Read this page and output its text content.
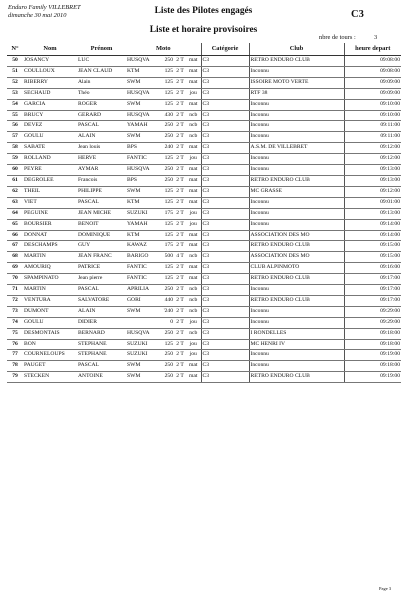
Enduro Family VILLEBRET
dimanche 30 mai 2010	Liste des Pilotes engagés
Liste et horaire provisoires
C3
nbre de tours :	3
N°	Nom	Prénom	Moto				Catégorie	Club	heure depart
50	JOSANCY	LUC	HUSQVA	250	2 T	mat	C3	RETRO ENDURO CLUB	09:08:00
51	COULLOUX	JEAN CLAUD	KTM	125	2 T	mat	C3	Inconnu	09:08:00
52	RIBERRY	Alain	SWM	125	2 T	mat	C3	ISSOIRE MOTO VERTE	09:09:00
53	SECHAUD	Théo	HUSQVA	125	2 T	jou	C3	RTF 38	09:09:00
54	GARCIA	ROGER	SWM	125	2 T	mat	C3	Inconnu	09:10:00
55	BRUCY	GERARD	HUSQVA	430	2 T	ncb	C3	Inconnu	09:10:00
56	DEVEZ	PASCAL	YAMAH	250	2 T	ncb	C3	Inconnu	09:11:00
57	GOULU	ALAIN	SWM	250	2 T	ncb	C3	Inconnu	09:11:00
58	SABATE	Jean louis	BPS	240	2 T	mat	C3	A.S.M. DE VILLEBRET	09:12:00
59	ROLLAND	HERVE	FANTIC	125	2 T	jou	C3	Inconnu	09:12:00
60	PEYRE	AYMAR	HUSQVA	250	2 T	mat	C3	Inconnu	09:13:00
61	DEGROLEE	Francois	BPS	250	2 T	mat	C3	RETRO ENDURO CLUB	09:13:00
62	THEIL	PHILIPPE	SWM	125	2 T	mat	C3	MC GRASSE	09:12:00
63	VIET	PASCAL	KTM	125	2 T	mat	C3	Inconnu	09:01:00
64	PEGUINE	JEAN MICHE	SUZUKI	175	2 T	jou	C3	Inconnu	09:13:00
65	BOURSIER	BENOIT	YAMAH	125	2 T	jou	C3	Inconnu	09:14:00
66	DONNAT	DOMINIQUE	KTM	125	2 T	mat	C3	ASSOCIATION DES MO	09:14:00
67	DESCHAMPS	GUY	KAWAZ	175	2 T	mat	C3	RETRO ENDURO CLUB	09:15:00
68	MARTIN	JEAN FRANC	BARIGO	500	4 T	ncb	C3	ASSOCIATION DES MO	09:15:00
69	AMOURIQ	PATRICE	FANTIC	125	2 T	mat	C3	CLUB ALPINMOTO	09:16:00
70	SPAMPINATO	Jean pierre	FANTIC	125	2 T	mat	C3	RETRO ENDURO CLUB	09:17:00
71	MARTIN	PASCAL	APRILIA	250	2 T	ncb	C3	Inconnu	09:17:00
72	VENTURA	SALVATORE	GORI	440	2 T	ncb	C3	RETRO ENDURO CLUB	09:17:00
73	DUMONT	ALAIN	SWM	'240	2 T	ncb	C3	Inconnu	09:29:00
74	GOULU	DIDIER		0	2 T	jou	C3	Inconnu	09:29:00
75	DESMONTAIS	BERNARD	HUSQVA	250	2 T	ncb	C3	I RONDELLES	09:18:00
76	BON	STEPHANE	SUZUKI	125	2 T	jou	C3	MC HENRI IV	09:18:00
77	COURNELOUPS	STEPHANE	SUZUKI	250	2 T	jou	C3	Inconnu	09:19:00
78	PAUGET	PASCAL	SWM	250	2 T	mat	C3	Inconnu	09:18:00
79	STECKEN	ANTOINE	SWM	250	2 T	mat	C3	RETRO ENDURO CLUB	09:19:00
Page 3
